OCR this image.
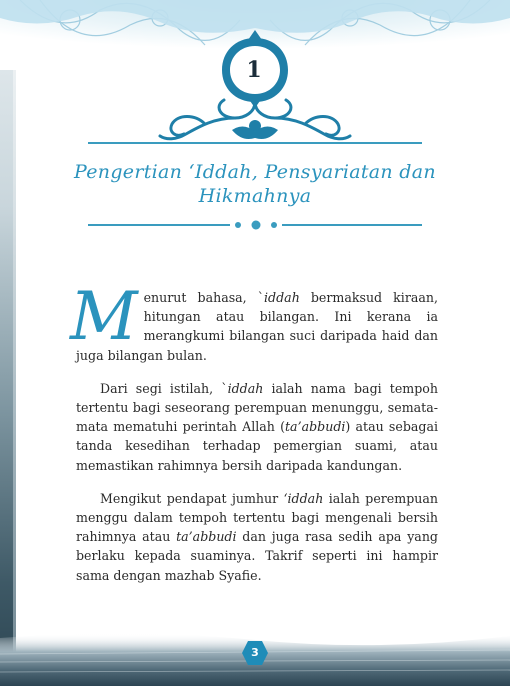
1
Pengertian ‘Iddah, Pensyariatan dan
Hikmahnya

Menurut bahasa, `iddah bermaksud kiraan, hitungan atau bilangan. Ini kerana ia merangkumi bilangan suci daripada haid dan juga bilangan bulan.

Dari segi istilah, `iddah ialah nama bagi tempoh tertentu bagi seseorang perempuan menunggu, semata-mata mematuhi perintah Allah (ta’abbudi) atau sebagai tanda kesedihan terhadap pemergian suami, atau memastikan rahimnya bersih daripada kandungan.

Mengikut pendapat jumhur ‘iddah ialah perempuan menggu dalam tempoh tertentu bagi mengenali bersih rahimnya atau ta’abbudi dan juga rasa sedih apa yang berlaku kepada suaminya. Takrif seperti ini hampir sama dengan mazhab Syafie.

3
